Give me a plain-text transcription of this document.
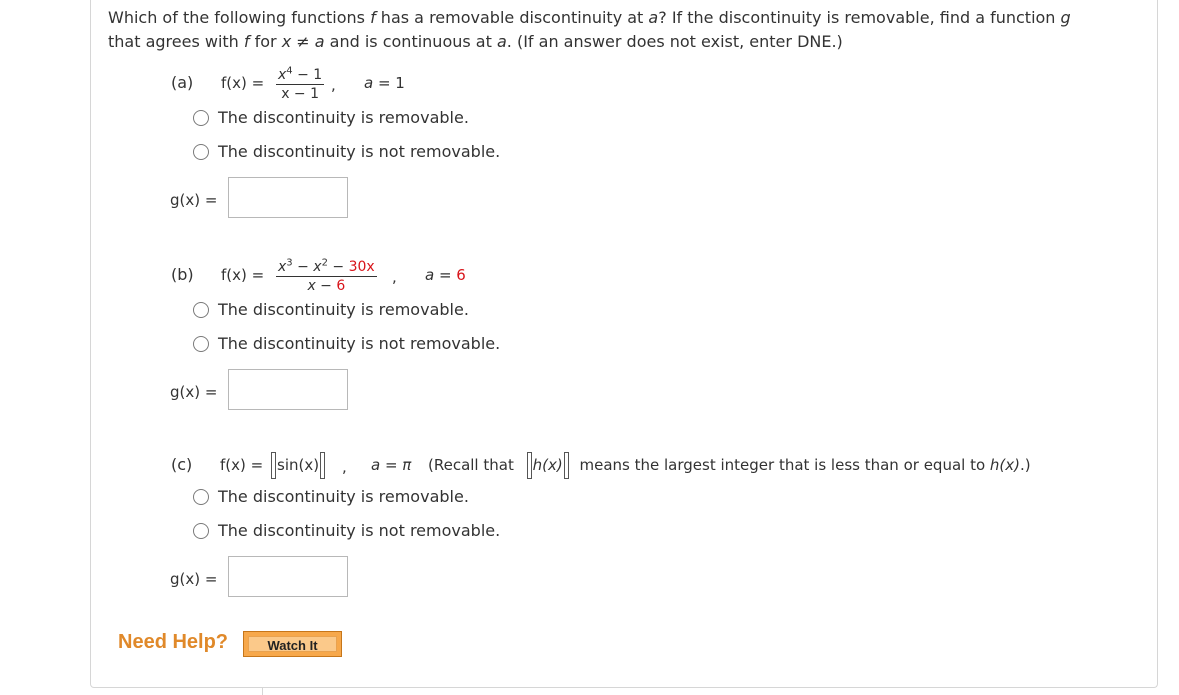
Which of the following functions f has a removable discontinuity at a? If the discontinuity is removable, find a function g that agrees with f for x ≠ a and is continuous at a. (If an answer does not exist, enter DNE.)
(a) $f(x) = \frac{x^4 - 1}{x - 1}$ , a = 1
The discontinuity is removable.
The discontinuity is not removable.
g(x) =
(b) $f(x) = \frac{x^3 - x^2 - 30x}{x - 6}$ , a = 6
The discontinuity is removable.
The discontinuity is not removable.
g(x) =
(c) f(x) = sin(x)	, a = π (Recall that h(x) means the largest integer that is less than or equal to h(x).)
The discontinuity is removable.
The discontinuity is not removable.
g(x) =
Need Help?	Watch It
